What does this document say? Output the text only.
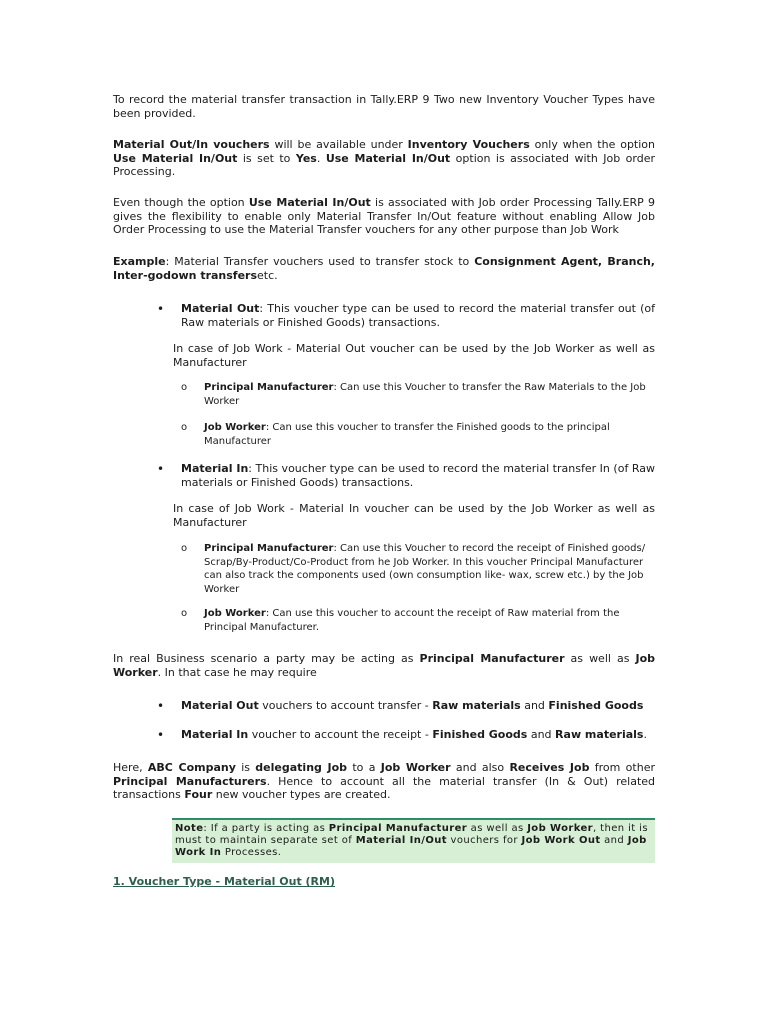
To record the material transfer transaction in Tally.ERP 9 Two new Inventory Voucher Types have been provided.

Material Out/In vouchers will be available under Inventory Vouchers only when the option Use Material In/Out is set to Yes. Use Material In/Out option is associated with Job order Processing.

Even though the option Use Material In/Out is associated with Job order Processing Tally.ERP 9 gives the flexibility to enable only Material Transfer In/Out feature without enabling Allow Job Order Processing to use the Material Transfer vouchers for any other purpose than Job Work

Example: Material Transfer vouchers used to transfer stock to Consignment Agent, Branch, Inter-godown transfersetc.

• Material Out: This voucher type can be used to record the material transfer out (of Raw materials or Finished Goods) transactions.

In case of Job Work - Material Out voucher can be used by the Job Worker as well as Manufacturer

o Principal Manufacturer: Can use this Voucher to transfer the Raw Materials to the Job Worker

o Job Worker: Can use this voucher to transfer the Finished goods to the principal Manufacturer

• Material In: This voucher type can be used to record the material transfer In (of Raw materials or Finished Goods) transactions.

In case of Job Work - Material In voucher can be used by the Job Worker as well as Manufacturer

o Principal Manufacturer: Can use this Voucher to record the receipt of Finished goods/ Scrap/By-Product/Co-Product from he Job Worker. In this voucher Principal Manufacturer can also track the components used (own consumption like- wax, screw etc.) by the Job Worker

o Job Worker: Can use this voucher to account the receipt of Raw material from the Principal Manufacturer.

In real Business scenario a party may be acting as Principal Manufacturer as well as Job Worker. In that case he may require

• Material Out vouchers to account transfer - Raw materials and Finished Goods

• Material In voucher to account the receipt - Finished Goods and Raw materials.

Here, ABC Company is delegating Job to a Job Worker and also Receives Job from other Principal Manufacturers. Hence to account all the material transfer (In & Out) related transactions Four new voucher types are created.

Note: If a party is acting as Principal Manufacturer as well as Job Worker, then it is must to maintain separate set of Material In/Out vouchers for Job Work Out and Job Work In Processes.
1. Voucher Type - Material Out (RM)
